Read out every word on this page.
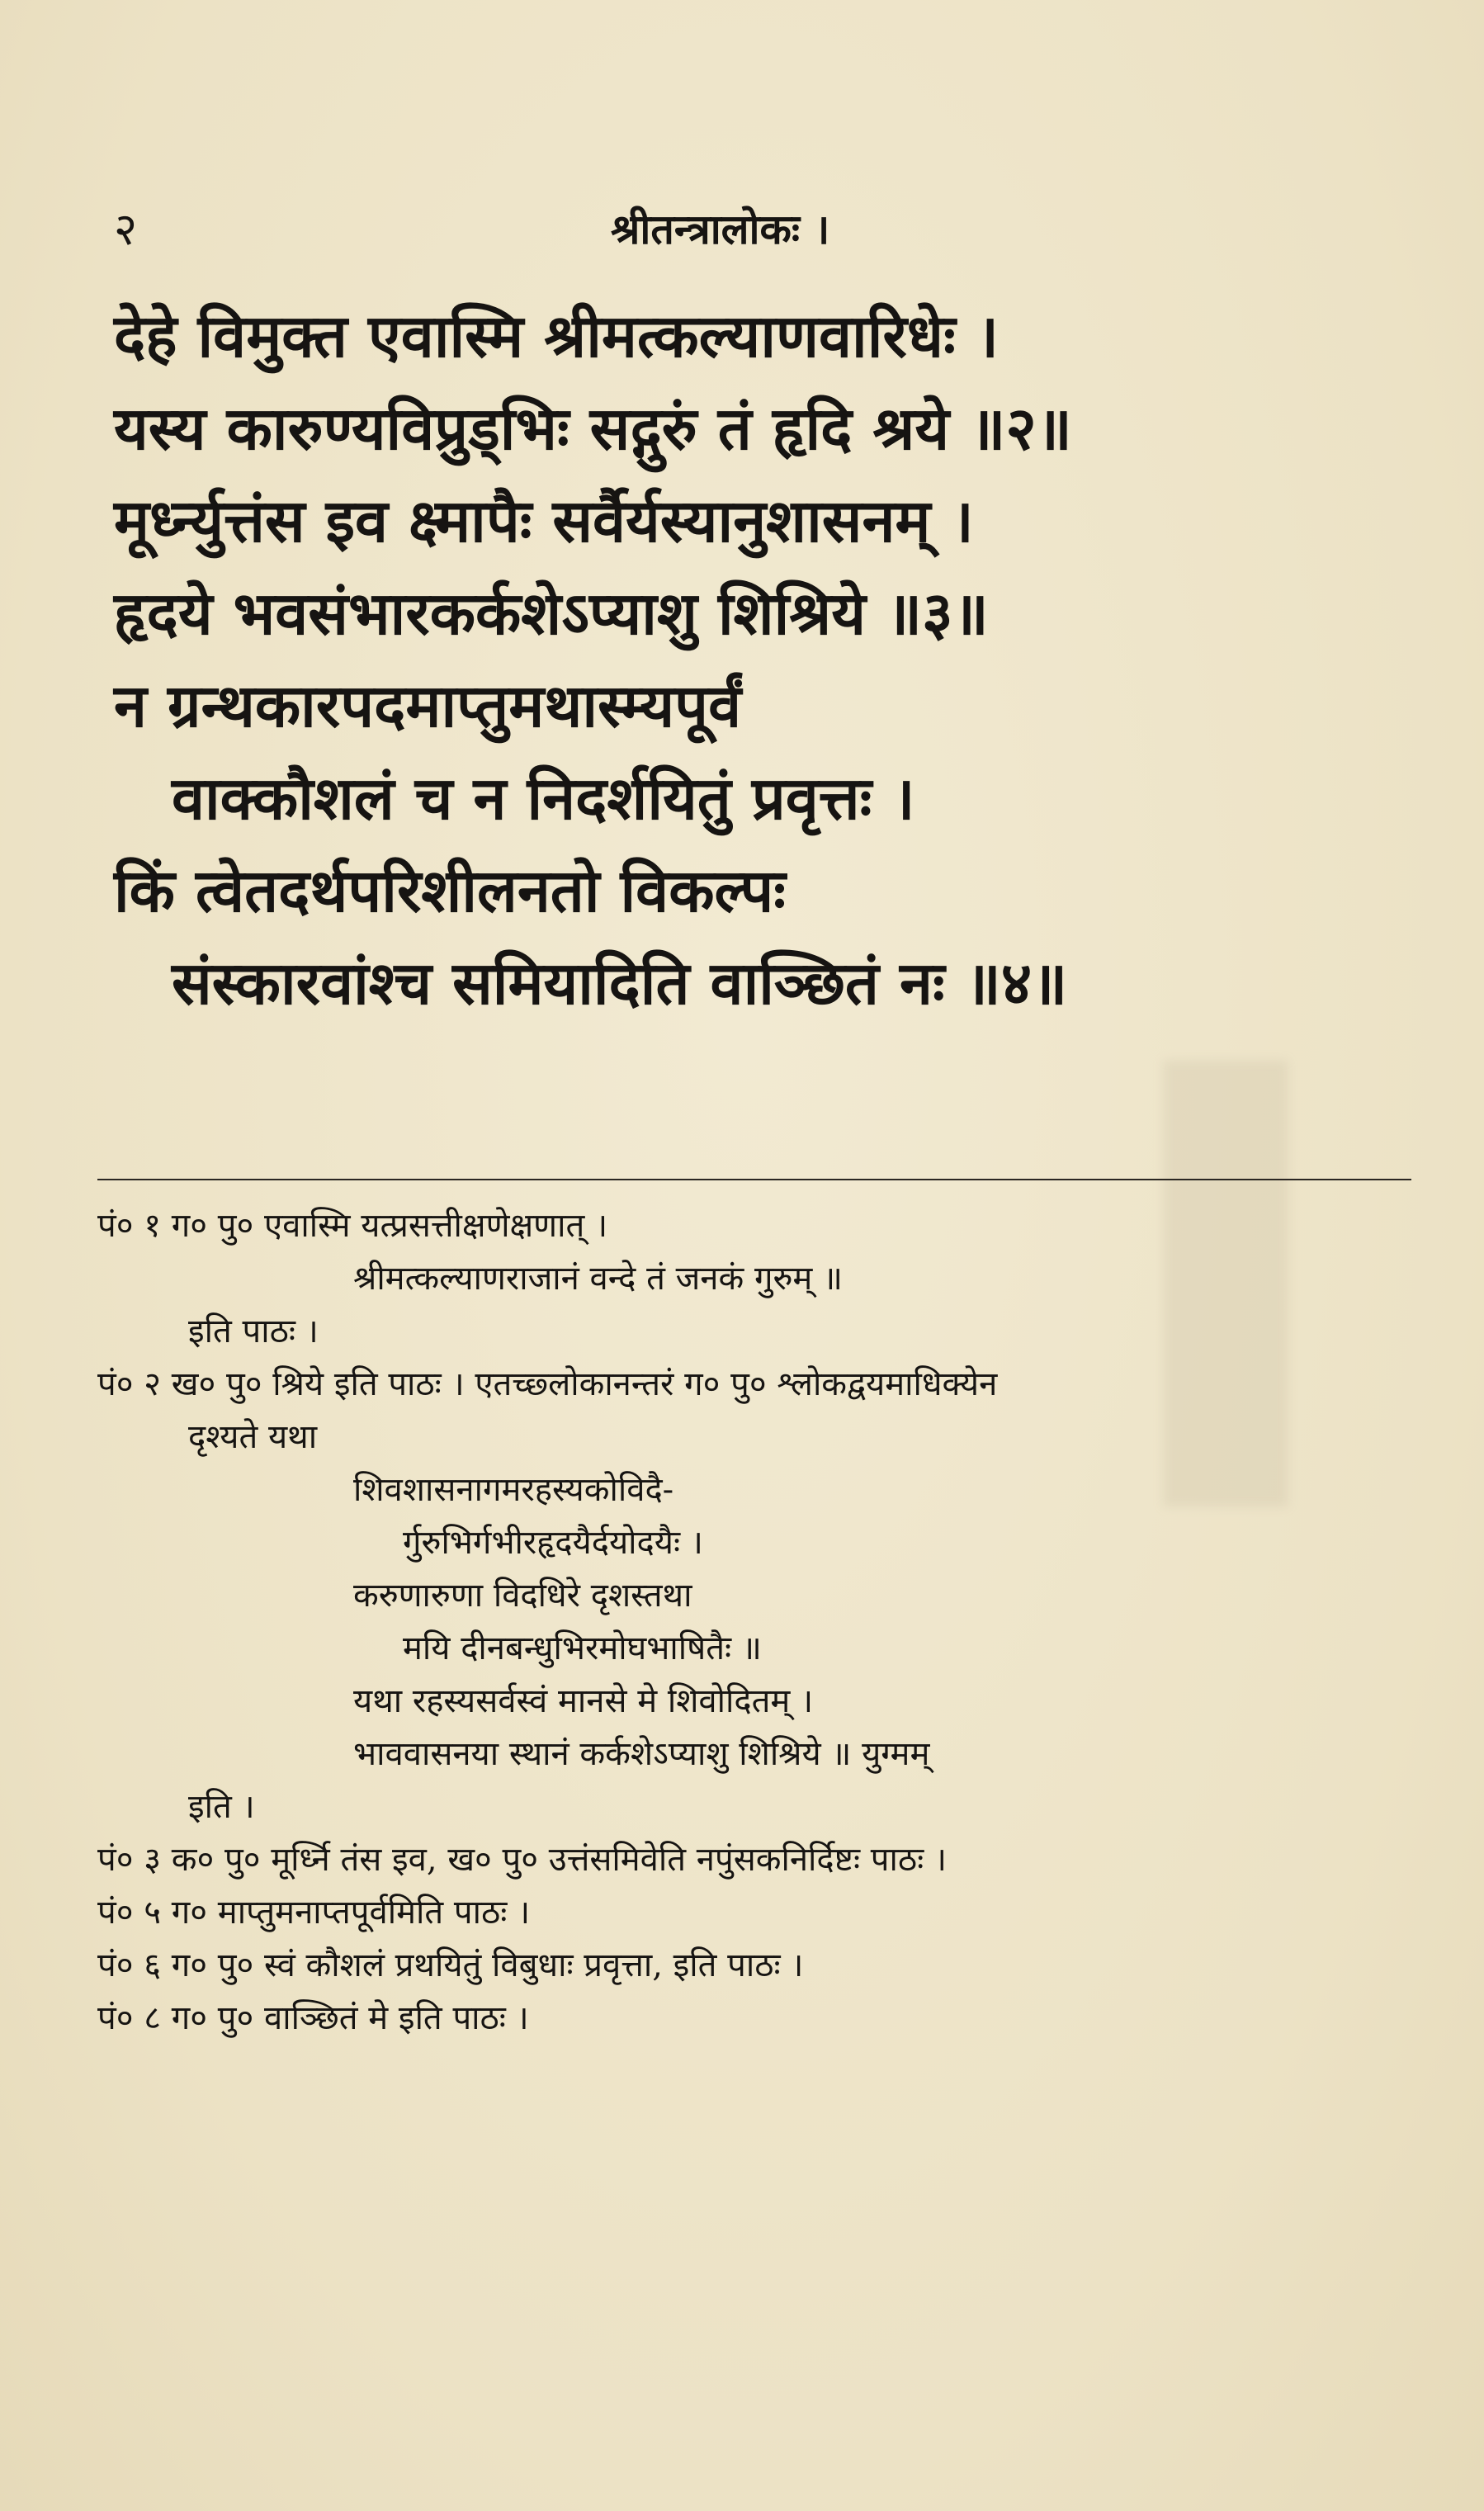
२	श्रीतन्त्रालोकः ।
देहे विमुक्त एवास्मि श्रीमत्कल्याणवारिधेः ।
यस्य कारुण्यविप्रुड्भिः सद्गुरुं तं हृदि श्रये ॥२॥
मूर्ध्न्युत्तंस इव क्ष्मापैः सर्वैर्यस्यानुशासनम् ।
हृदये भवसंभारकर्कशेऽप्याशु शिश्रिये ॥३॥
न ग्रन्थकारपदमाप्तुमथास्म्यपूर्वं
वाक्कौशलं च न निदर्शयितुं प्रवृत्तः ।
किं त्वेतदर्थपरिशीलनतो विकल्पः
संस्कारवांश्च समियादिति वाञ्छितं नः ॥४॥
पं० १ ग० पु० एवास्मि यत्प्रसत्तीक्षणेक्षणात् ।
श्रीमत्कल्याणराजानं वन्दे तं जनकं गुरुम् ॥
इति पाठः ।
पं० २ ख० पु० श्रिये इति पाठः । एतच्छ्लोकानन्तरं ग० पु० श्लोकद्वयमाधिक्येन
दृश्यते यथा
शिवशासनागमरहस्यकोविदै-
र्गुरुभिर्गभीरहृदयैर्दयोदयैः ।
करुणारुणा विदधिरे दृशस्तथा
मयि दीनबन्धुभिरमोघभाषितैः ॥
यथा रहस्यसर्वस्वं मानसे मे शिवोदितम् ।
भाववासनया स्थानं कर्कशेऽप्याशु शिश्रिये ॥ युग्मम्
इति ।
पं० ३ क० पु० मूर्ध्नि तंस इव, ख० पु० उत्तंसमिवेति नपुंसकनिर्दिष्टः पाठः ।
पं० ५ ग० माप्तुमनाप्तपूर्वमिति पाठः ।
पं० ६ ग० पु० स्वं कौशलं प्रथयितुं विबुधाः प्रवृत्ता, इति पाठः ।
पं० ८ ग० पु० वाञ्छितं मे इति पाठः ।
